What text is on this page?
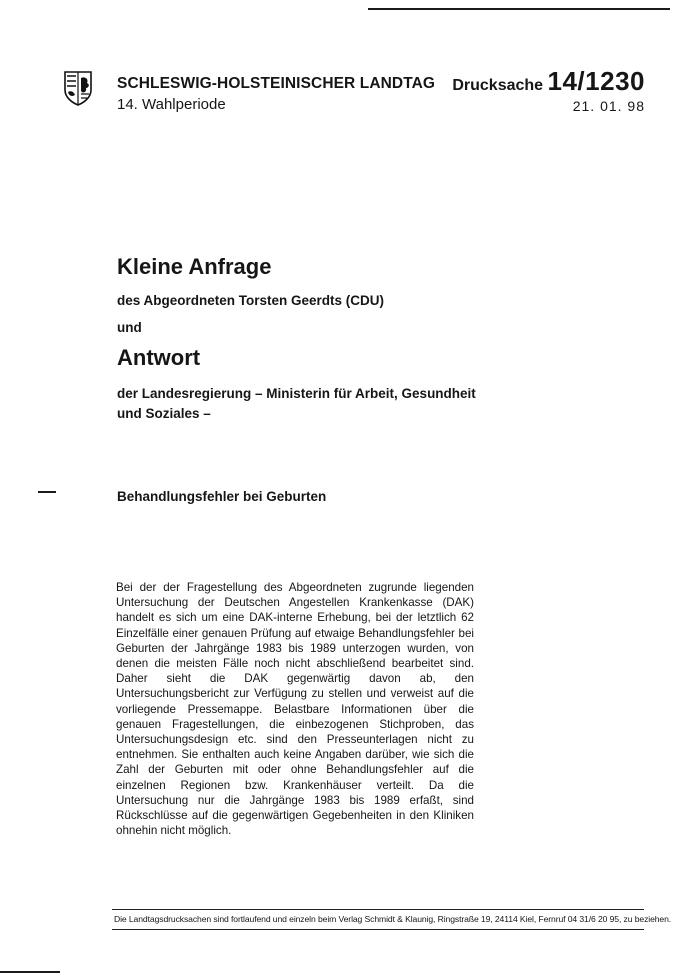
SCHLESWIG-HOLSTEINISCHER LANDTAG
14. Wahlperiode
Drucksache 14/1230
21. 01. 98
Kleine Anfrage
des Abgeordneten Torsten Geerdts (CDU)
und
Antwort
der Landesregierung – Ministerin für Arbeit, Gesundheit und Soziales –
Behandlungsfehler bei Geburten
Bei der der Fragestellung des Abgeordneten zugrunde liegenden Untersuchung der Deutschen Angestellen Krankenkasse (DAK) handelt es sich um eine DAK-interne Erhebung, bei der letztlich 62 Einzelfälle einer genauen Prüfung auf etwaige Behandlungsfehler bei Geburten der Jahrgänge 1983 bis 1989 unterzogen wurden, von denen die meisten Fälle noch nicht abschließend bearbeitet sind. Daher sieht die DAK gegenwärtig davon ab, den Untersuchungsbericht zur Verfügung zu stellen und verweist auf die vorliegende Pressemappe. Belastbare Informationen über die genauen Fragestellungen, die einbezogenen Stichproben, das Untersuchungsdesign etc. sind den Presseunterlagen nicht zu entnehmen. Sie enthalten auch keine Angaben darüber, wie sich die Zahl der Geburten mit oder ohne Behandlungsfehler auf die einzelnen Regionen bzw. Krankenhäuser verteilt. Da die Untersuchung nur die Jahrgänge 1983 bis 1989 erfaßt, sind Rückschlüsse auf die gegenwärtigen Gegebenheiten in den Kliniken ohnehin nicht möglich.
Die Landtagsdrucksachen sind fortlaufend und einzeln beim Verlag Schmidt & Klaunig, Ringstraße 19, 24114 Kiel, Fernruf 04 31/6 20 95, zu beziehen.
